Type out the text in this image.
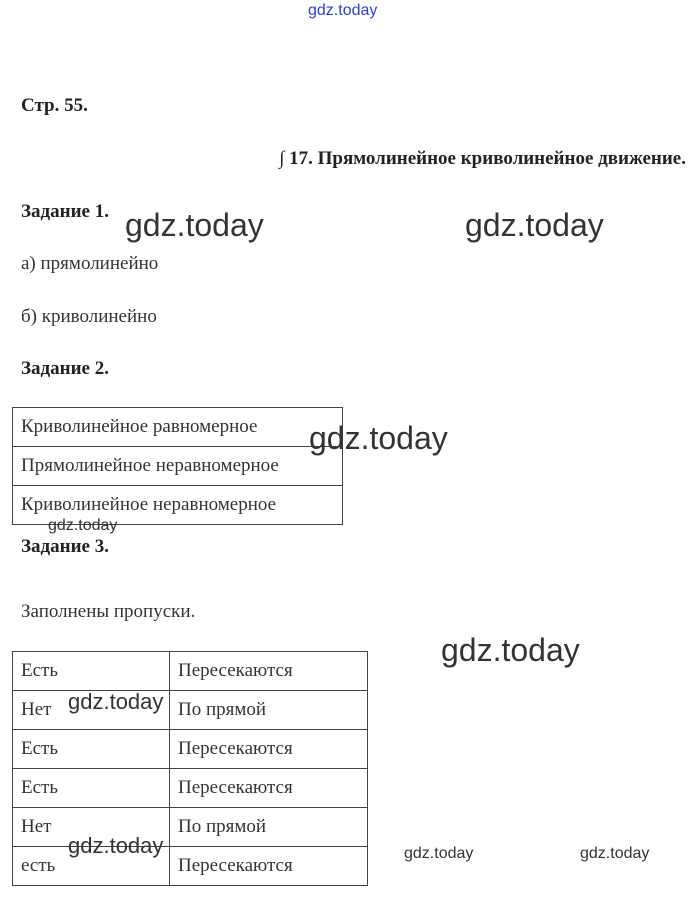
gdz.today
gdz.today	gdz.today
gdz.today
gdz.today
gdz.today
gdz.today
gdz.today	gdz.today	gdz.today
Стр. 55.
∫ 17. Прямолинейное криволинейное движение.
Задание 1.
а) прямолинейно
б) криволинейно
Задание 2.
Криволинейное равномерное
Прямолинейное неравномерное
Криволинейное неравномерное
Задание 3.
Заполнены пропуски.
Есть	Пересекаются
Нет	По прямой
Есть	Пересекаются
Есть	Пересекаются
Нет	По прямой
есть	Пересекаются
